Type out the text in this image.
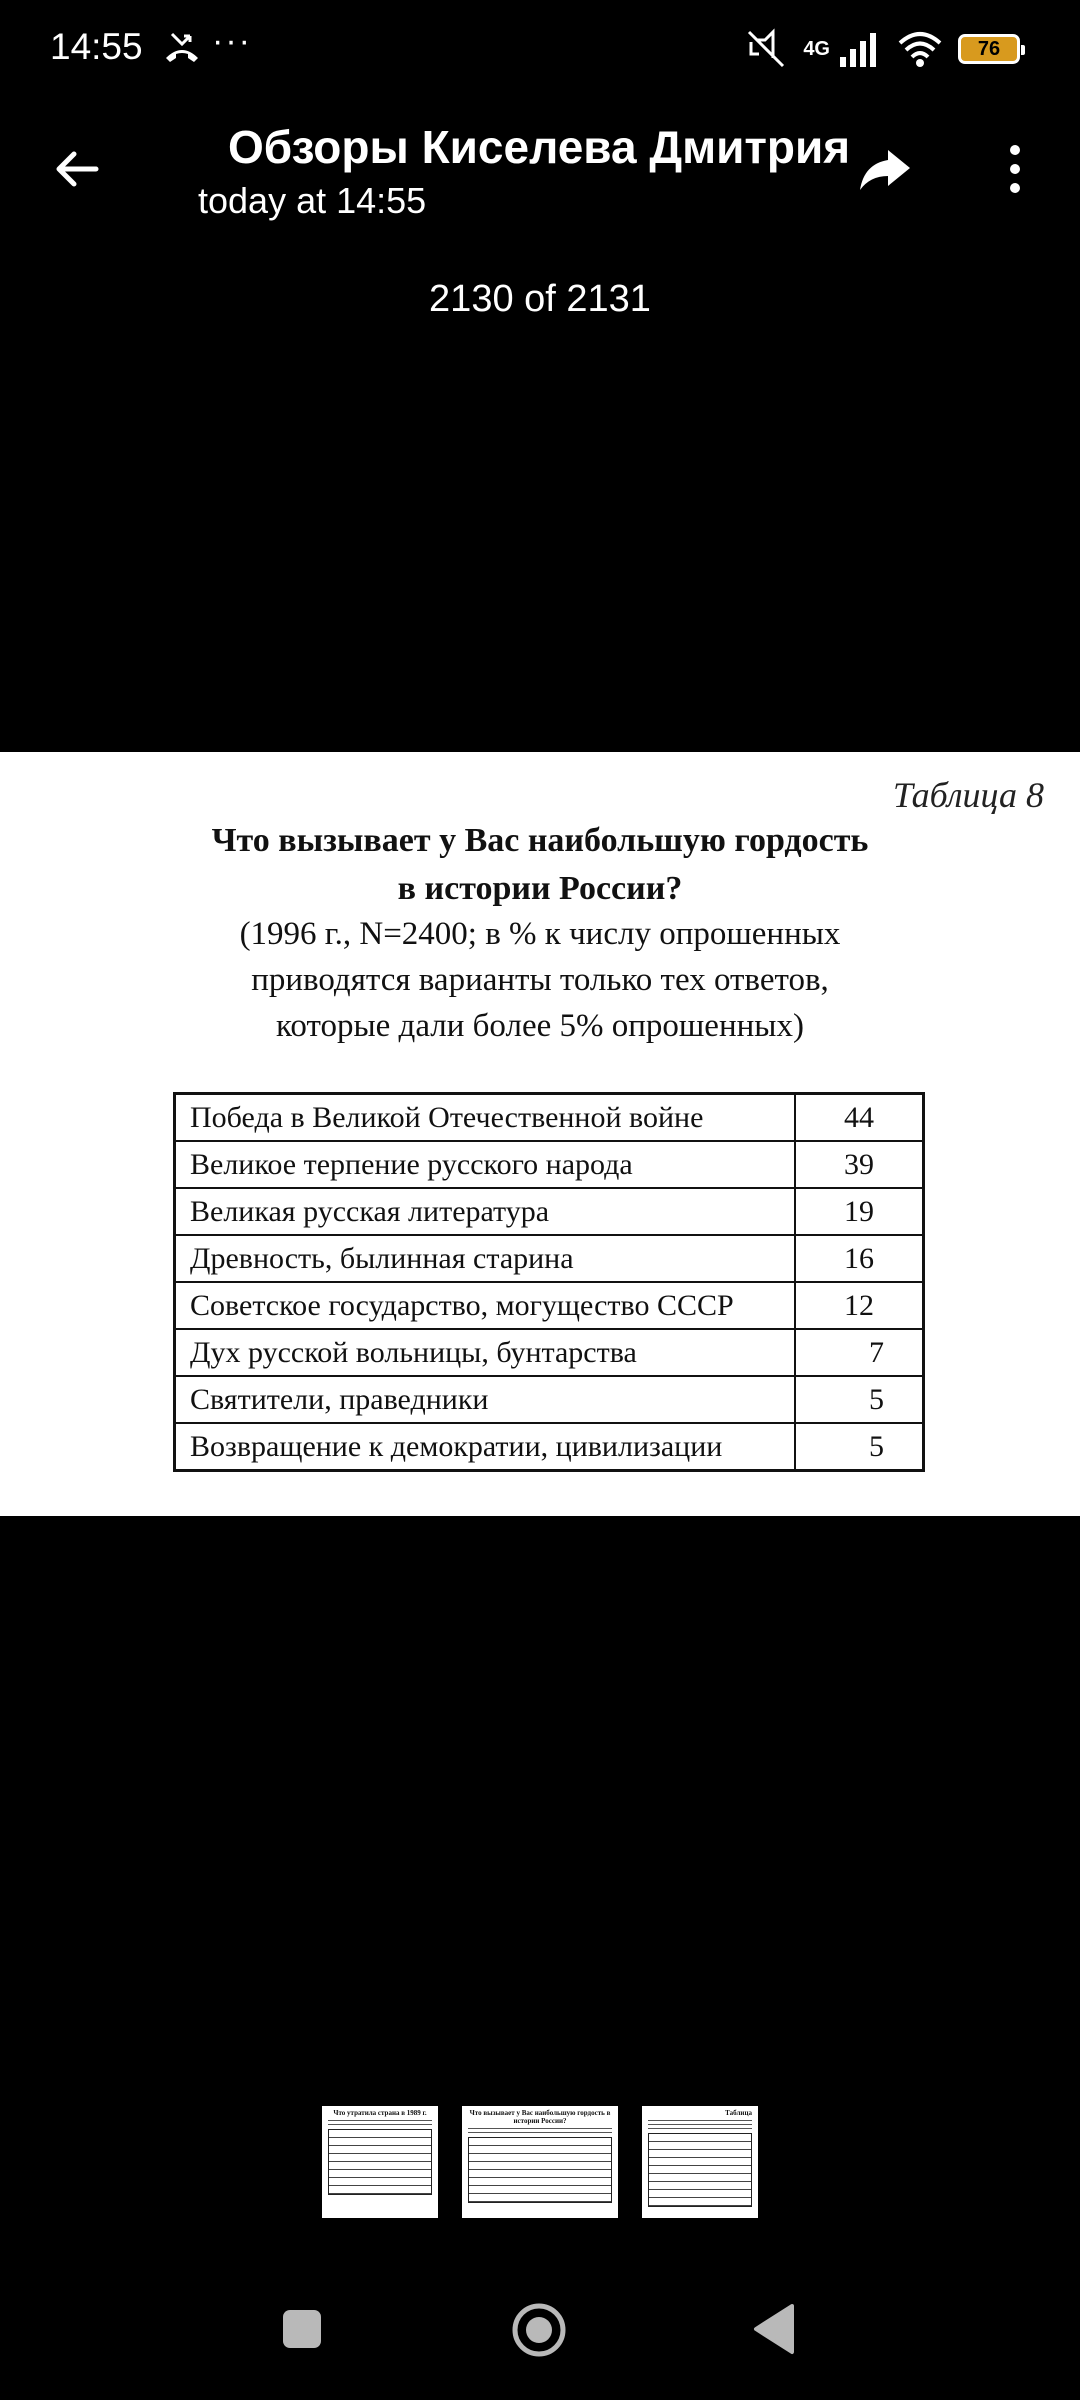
14:55 ···	4G	76
Обзоры Киселева Дмитрия
today at 14:55
2130 of 2131
Таблица 8
Что вызывает у Вас наибольшую гордость
в истории России?
(1996 г., N=2400; в % к числу опрошенных
приводятся варианты только тех ответов,
которые дали более 5% опрошенных)
Победа в Великой Отечественной войне	44
Великое терпение русского народа	39
Великая русская литература	19
Древность, былинная старина	16
Советское государство, могущество СССР	12
Дух русской вольницы, бунтарства	7
Святители, праведники	5
Возвращение к демократии, цивилизации	5
Что утратила страна в 1989 г.	Что вызывает у Вас наибольшую гордость в истории России?
Таблица
